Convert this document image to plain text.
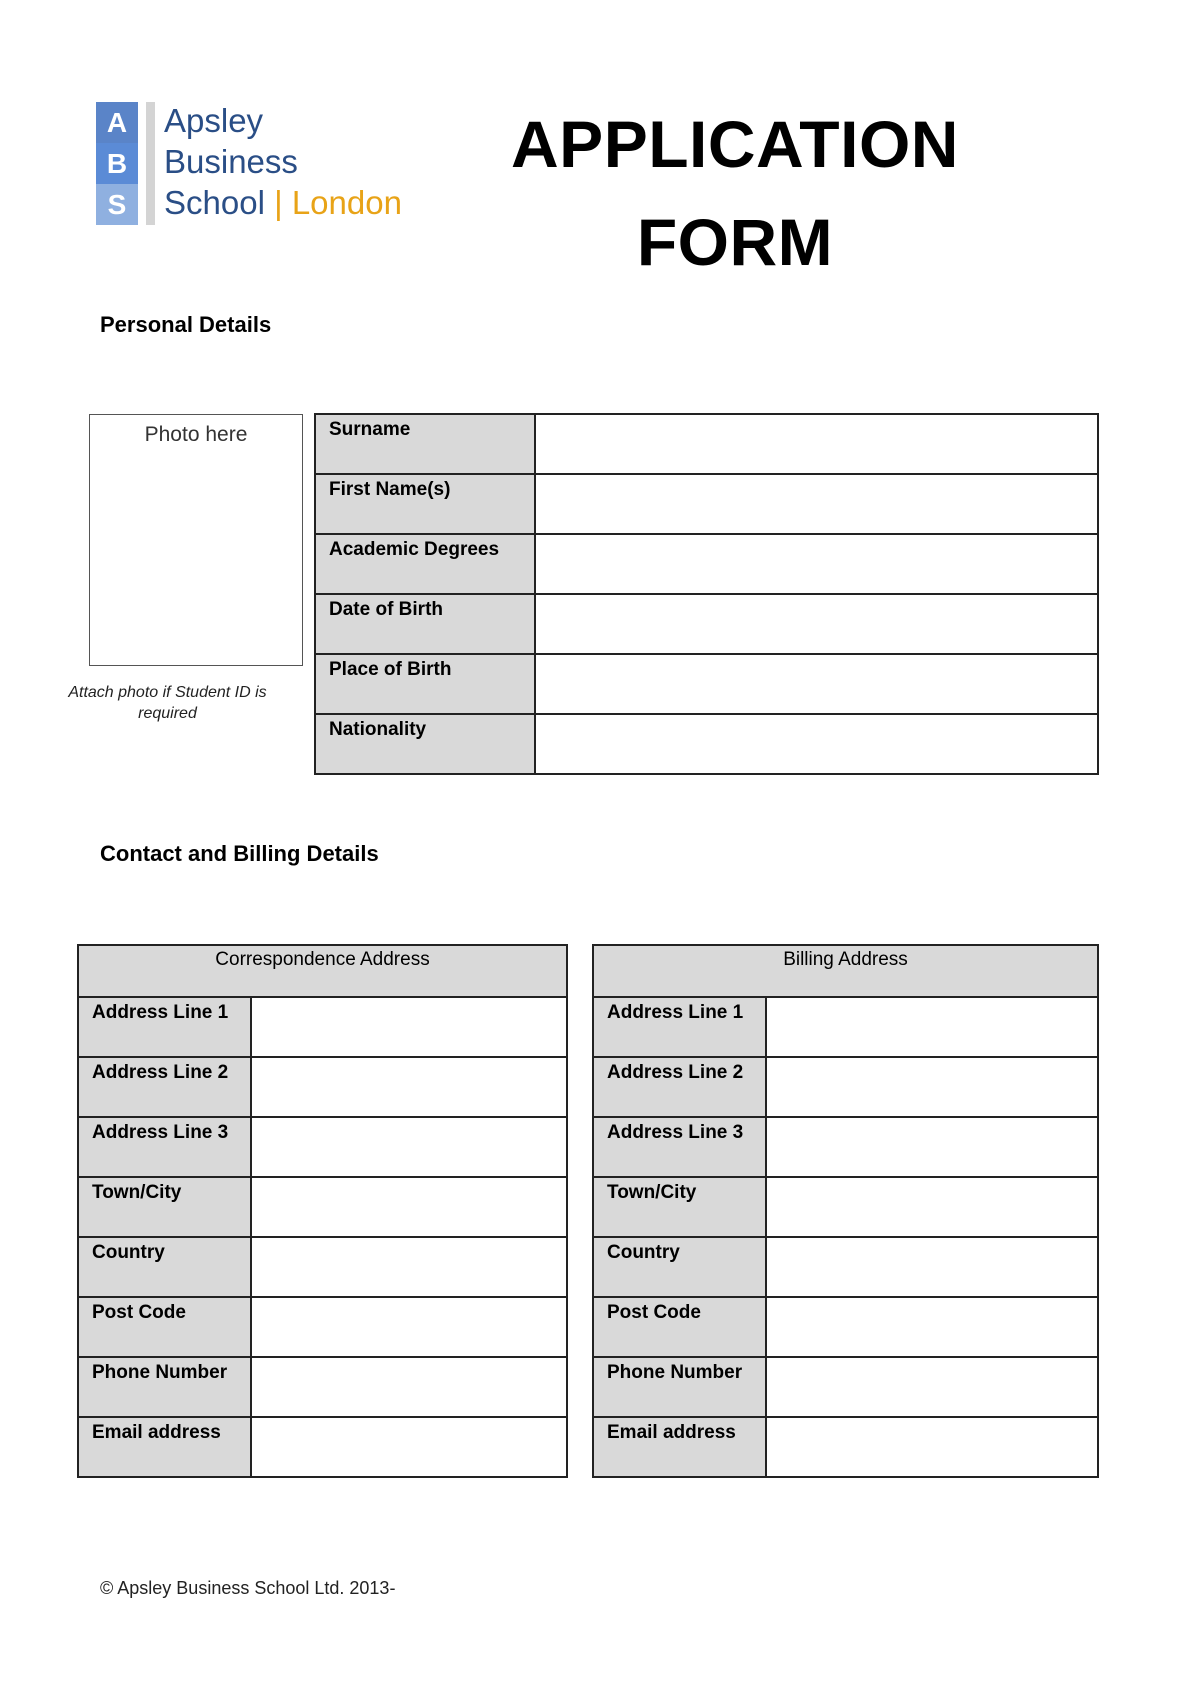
A
B
S
Apsley
Business
School | London
APPLICATION
FORM
Personal Details
Photo here
Attach photo if Student ID is required
Surname	
First Name(s)	
Academic Degrees	
Date of Birth	
Place of Birth	
Nationality	
Contact and Billing Details
Correspondence Address	
Address Line 1	
Address Line 2	
Address Line 3	
Town/City	
Country	
Post Code	
Phone Number	
Email address	
Billing Address	
Address Line 1	
Address Line 2	
Address Line 3	
Town/City	
Country	
Post Code	
Phone Number	
Email address	
© Apsley Business School Ltd. 2013-
